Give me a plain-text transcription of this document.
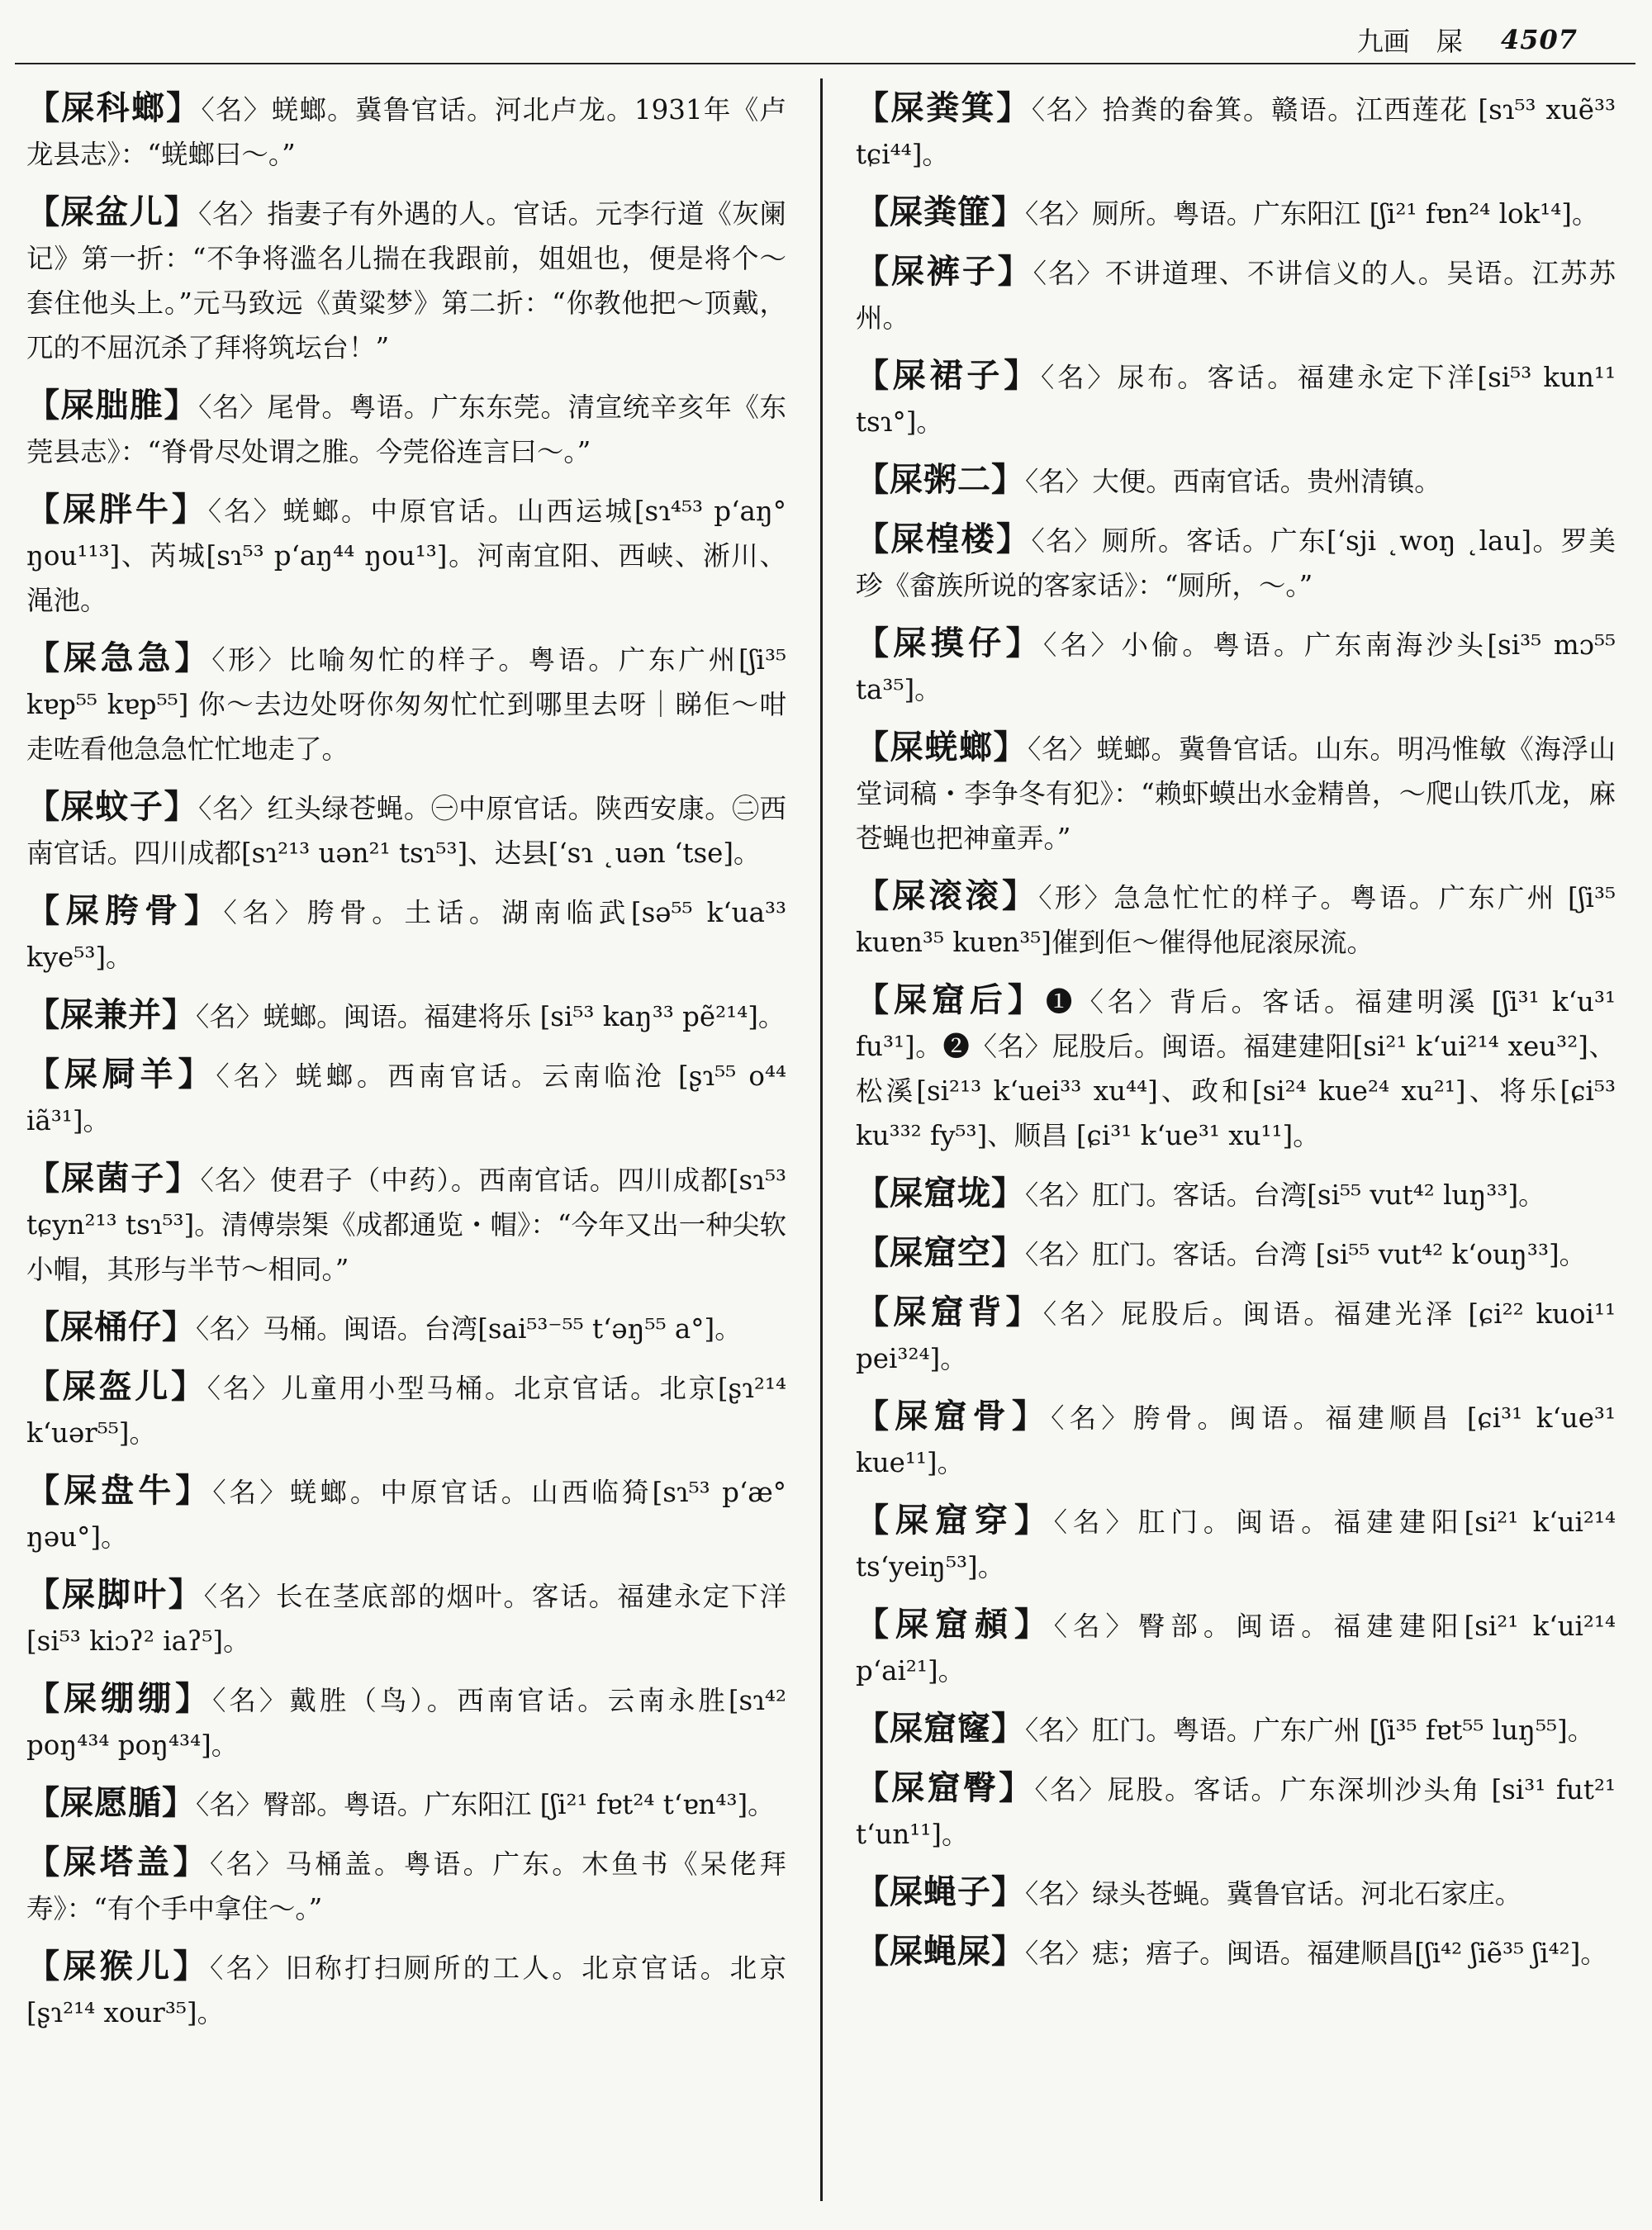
九画　屎 4507

【屎科螂】〈名〉蜣螂。冀鲁官话。河北卢龙。1931年《卢龙县志》：“蜣螂曰～。”

【屎盆儿】〈名〉指妻子有外遇的人。官话。元李行道《灰阑记》第一折：“不争将滥名儿揣在我跟前，姐姐也，便是将个～套住他头上。”元马致远《黄粱梦》第二折：“你教他把～顶戴，兀的不屈沉杀了拜将筑坛台！”

【屎朏脽】〈名〉尾骨。粤语。广东东莞。清宣统辛亥年《东莞县志》：“脊骨尽处谓之脽。今莞俗连言曰～。”

【屎胖牛】〈名〉蜣螂。中原官话。山西运城[sɿ⁴⁵³ pʻaŋ° ŋou¹¹³]、芮城[sɿ⁵³ pʻaŋ⁴⁴ ŋou¹³]。河南宜阳、西峡、淅川、渑池。

【屎急急】〈形〉比喻匆忙的样子。粤语。广东广州[ʃi³⁵ kɐp⁵⁵ kɐp⁵⁵] 你～去边处呀你匆匆忙忙到哪里去呀｜睇佢～咁走咗看他急急忙忙地走了。

【屎蚊子】〈名〉红头绿苍蝇。㊀中原官话。陕西安康。㊁西南官话。四川成都[sɿ²¹³ uən²¹ tsɿ⁵³]、达县[ʻsɿ ˛uən ʻtse]。

【屎胯骨】〈名〉胯骨。土话。湖南临武[sə⁵⁵ kʻua³³ kye⁵³]。

【屎兼并】〈名〉蜣螂。闽语。福建将乐 [si⁵³ kaŋ³³ pẽ²¹⁴]。

【屎屙羊】〈名〉蜣螂。西南官话。云南临沧 [ʂɿ⁵⁵ o⁴⁴ iã³¹]。

【屎菌子】〈名〉使君子（中药）。西南官话。四川成都[sɿ⁵³ tɕyn²¹³ tsɿ⁵³]。清傅崇榘《成都通览・帽》：“今年又出一种尖软小帽，其形与半节～相同。”

【屎桶仔】〈名〉马桶。闽语。台湾[sai⁵³⁻⁵⁵ tʻəŋ⁵⁵ a°]。

【屎盔儿】〈名〉儿童用小型马桶。北京官话。北京[ʂɿ²¹⁴ kʻuər⁵⁵]。

【屎盘牛】〈名〉蜣螂。中原官话。山西临猗[sɿ⁵³ pʻæ° ŋəu°]。

【屎脚叶】〈名〉长在茎底部的烟叶。客话。福建永定下洋 [si⁵³ kiɔʔ² iaʔ⁵]。

【屎绷绷】〈名〉戴胜（鸟）。西南官话。云南永胜[sɿ⁴² poŋ⁴³⁴ poŋ⁴³⁴]。

【屎愿腯】〈名〉臀部。粤语。广东阳江 [ʃi²¹ fɐt²⁴ tʻɐn⁴³]。

【屎塔盖】〈名〉马桶盖。粤语。广东。木鱼书《呆佬拜寿》：“有个手中拿住～。”

【屎猴儿】〈名〉旧称打扫厕所的工人。北京官话。北京 [ʂɿ²¹⁴ xour³⁵]。

【屎粪箕】〈名〉拾粪的畚箕。赣语。江西莲花 [sɿ⁵³ xuẽ³³ tɕi⁴⁴]。

【屎粪篚】〈名〉厕所。粤语。广东阳江 [ʃi²¹ fɐn²⁴ lok¹⁴]。

【屎裤子】〈名〉不讲道理、不讲信义的人。吴语。江苏苏州。

【屎裙子】〈名〉尿布。客话。福建永定下洋[si⁵³ kun¹¹ tsɿ°]。

【屎粥二】〈名〉大便。西南官话。贵州清镇。

【屎楻楼】〈名〉厕所。客话。广东[ʻsji ˛woŋ ˛lau]。罗美珍《畲族所说的客家话》：“厕所，～。”

【屎摸仔】〈名〉小偷。粤语。广东南海沙头[si³⁵ mɔ⁵⁵ ta³⁵]。

【屎蜣螂】〈名〉蜣螂。冀鲁官话。山东。明冯惟敏《海浮山堂词稿・李争冬有犯》：“赖虾蟆出水金精兽，～爬山铁爪龙，麻苍蝇也把神童弄。”

【屎滚滚】〈形〉急急忙忙的样子。粤语。广东广州 [ʃi³⁵ kuɐn³⁵ kuɐn³⁵]催到佢～催得他屁滚尿流。

【屎窟后】❶〈名〉背后。客话。福建明溪 [ʃi³¹ kʻu³¹ fu³¹]。❷〈名〉屁股后。闽语。福建建阳[si²¹ kʻui²¹⁴ xeu³²]、松溪[si²¹³ kʻuei³³ xu⁴⁴]、政和[si²⁴ kue²⁴ xu²¹]、将乐[ɕi⁵³ ku³³² fy⁵³]、顺昌 [ɕi³¹ kʻue³¹ xu¹¹]。

【屎窟垅】〈名〉肛门。客话。台湾[si⁵⁵ vut⁴² luŋ³³]。

【屎窟空】〈名〉肛门。客话。台湾 [si⁵⁵ vut⁴² kʻouŋ³³]。

【屎窟背】〈名〉屁股后。闽语。福建光泽 [ɕi²² kuoi¹¹ pei³²⁴]。

【屎窟骨】〈名〉胯骨。闽语。福建顺昌 [ɕi³¹ kʻue³¹ kue¹¹]。

【屎窟穿】〈名〉肛门。闽语。福建建阳[si²¹ kʻui²¹⁴ tsʻyeiŋ⁵³]。

【屎窟頳】〈名〉臀部。闽语。福建建阳[si²¹ kʻui²¹⁴ pʻai²¹]。

【屎窟窿】〈名〉肛门。粤语。广东广州 [ʃi³⁵ fɐt⁵⁵ luŋ⁵⁵]。

【屎窟臀】〈名〉屁股。客话。广东深圳沙头角 [si³¹ fut²¹ tʻun¹¹]。

【屎蝇子】〈名〉绿头苍蝇。冀鲁官话。河北石家庄。

【屎蝇屎】〈名〉痣；痦子。闽语。福建顺昌[ʃi⁴² ʃiẽ³⁵ ʃi⁴²]。
